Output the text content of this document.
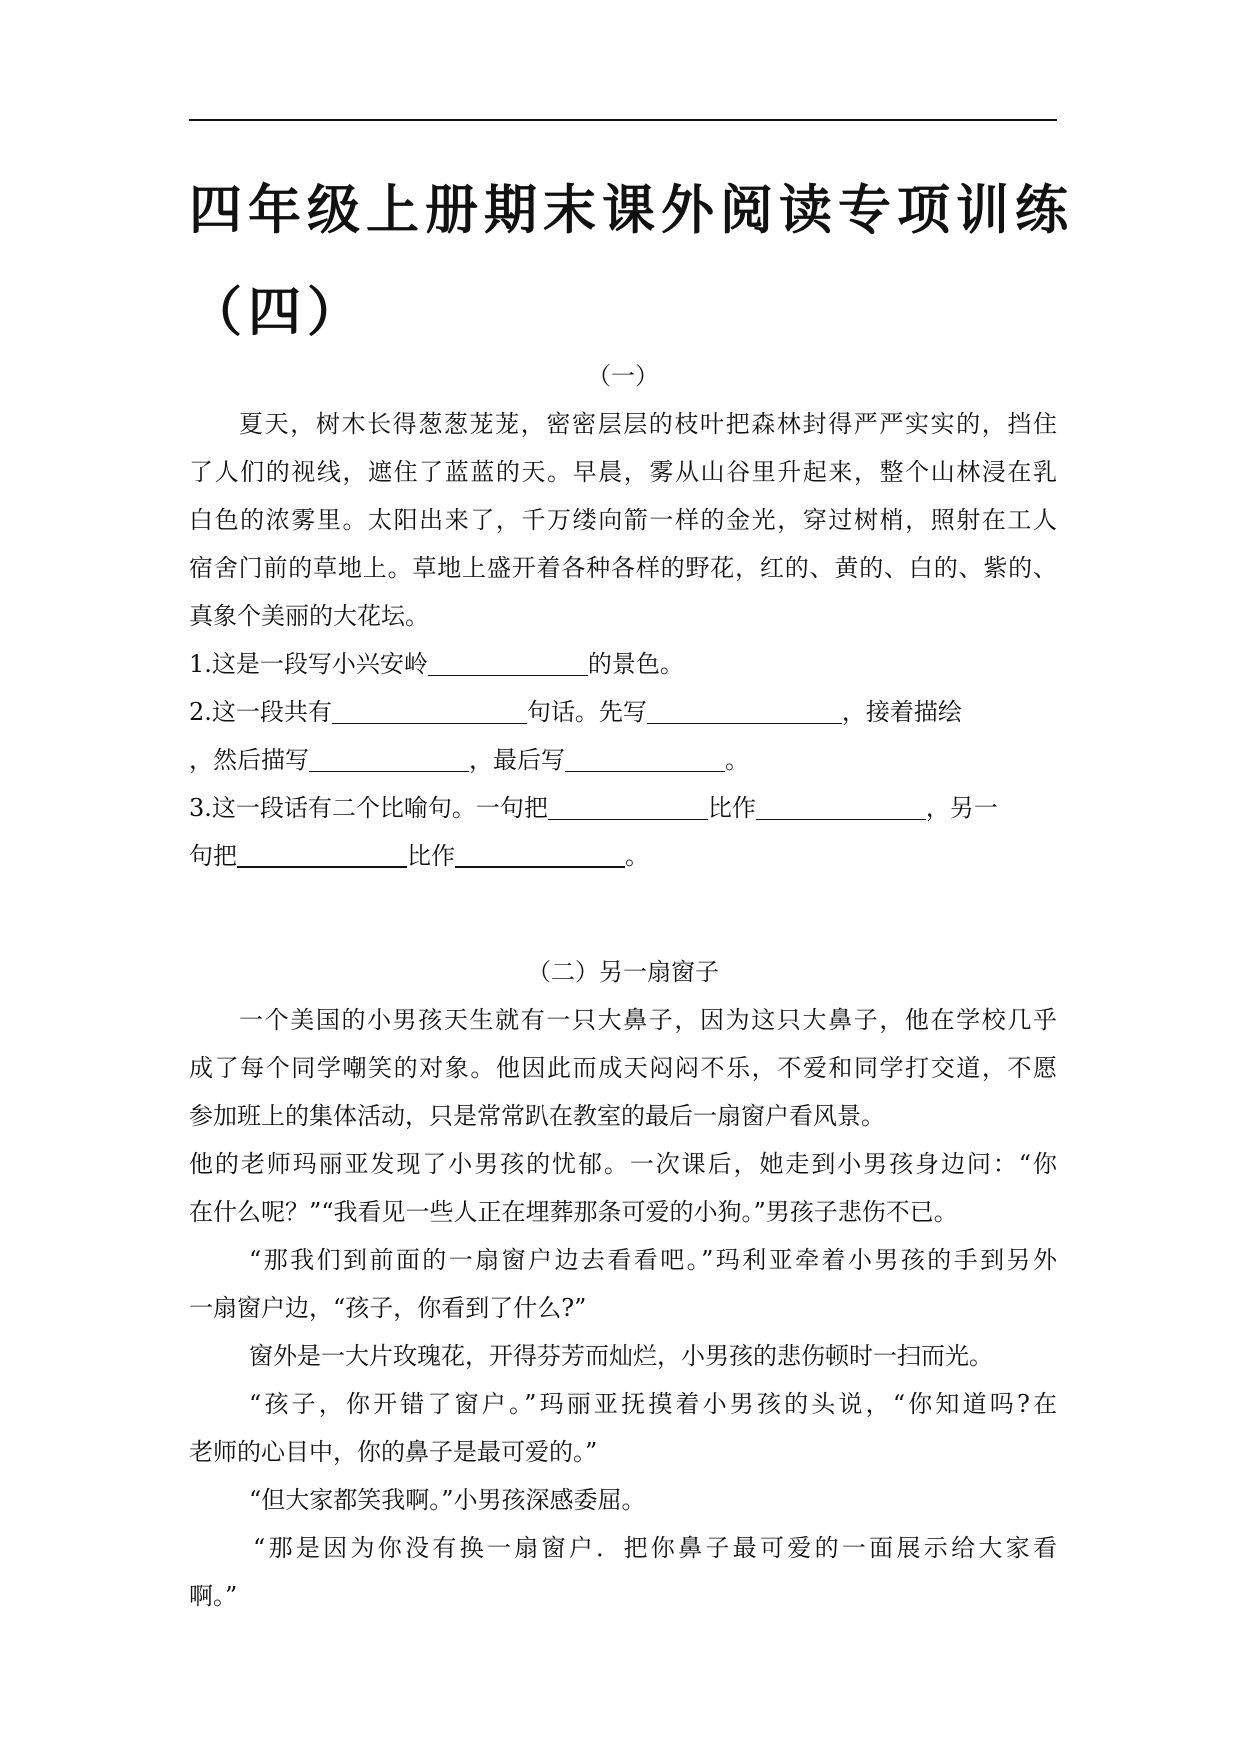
四年级上册期末课外阅读专项训练
（四）
（一）
夏天，树木长得葱葱茏茏，密密层层的枝叶把森林封得严严实实的，挡住
了人们的视线，遮住了蓝蓝的天。早晨，雾从山谷里升起来，整个山林浸在乳
白色的浓雾里。太阳出来了，千万缕向箭一样的金光，穿过树梢，照射在工人
宿舍门前的草地上。草地上盛开着各种各样的野花，红的、黄的、白的、紫的、
真象个美丽的大花坛。
1.这是一段写小兴安岭	的景色。
2.这一段共有	句话。先写	，接着描绘
，然后描写	，最后写	。
3.这一段话有二个比喻句。一句把	比作	，另一
句把	比作	。
（二）另一扇窗子
一个美国的小男孩天生就有一只大鼻子，因为这只大鼻子，他在学校几乎
成了每个同学嘲笑的对象。他因此而成天闷闷不乐，不爱和同学打交道，不愿
参加班上的集体活动，只是常常趴在教室的最后一扇窗户看风景。
他的老师玛丽亚发现了小男孩的忧郁。一次课后，她走到小男孩身边问：“你
在什么呢？”“我看见一些人正在埋葬那条可爱的小狗。”男孩子悲伤不已。
“那我们到前面的一扇窗户边去看看吧。”玛利亚牵着小男孩的手到另外
一扇窗户边，“孩子，你看到了什么?”
窗外是一大片玫瑰花，开得芬芳而灿烂，小男孩的悲伤顿时一扫而光。
“孩子，你开错了窗户。”玛丽亚抚摸着小男孩的头说，“你知道吗?在
老师的心目中，你的鼻子是最可爱的。”
“但大家都笑我啊。”小男孩深感委屈。
“那是因为你没有换一扇窗户．把你鼻子最可爱的一面展示给大家看
啊。”
